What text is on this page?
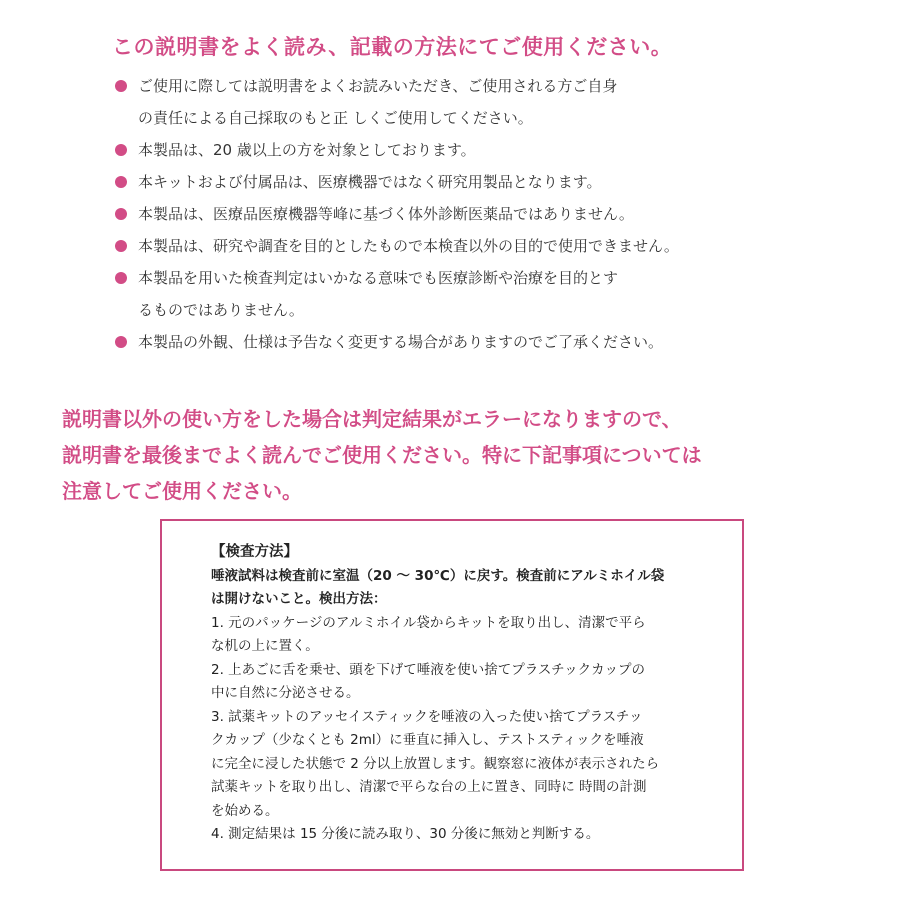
この説明書をよく読み、記載の方法にてご使用ください。
ご使用に際しては説明書をよくお読みいただき、ご使用される方ご自身
の責任による自己採取のもと正 しくご使用してください。
本製品は、20 歳以上の方を対象としております。
本キットおよび付属品は、医療機器ではなく研究用製品となります。
本製品は、医療品医療機器等峰に基づく体外診断医薬品ではありません。
本製品は、研究や調査を目的としたもので本検査以外の目的で使用できません。
本製品を用いた検査判定はいかなる意味でも医療診断や治療を目的とす
るものではありません。
本製品の外観、仕様は予告なく変更する場合がありますのでご了承ください。
説明書以外の使い方をした場合は判定結果がエラーになりますので、
説明書を最後までよく読んでご使用ください。特に下記事項については
注意してご使用ください。
【検査方法】
唾液試料は検査前に室温（20 ～ 30℃）に戻す。検査前にアルミホイル袋
は開けないこと。検出方法：
1. 元のパッケージのアルミホイル袋からキットを取り出し、清潔で平ら
な机の上に置く。
2. 上あごに舌を乗せ、頭を下げて唾液を使い捨てプラスチックカップの
中に自然に分泌させる。
3. 試薬キットのアッセイスティックを唾液の入った使い捨てプラスチッ
クカップ（少なくとも 2ml）に垂直に挿入し、テストスティックを唾液
に完全に浸した状態で 2 分以上放置します。観察窓に液体が表示されたら
試薬キットを取り出し、清潔で平らな台の上に置き、同時に 時間の計測
を始める。
4. 測定結果は 15 分後に読み取り、30 分後に無効と判断する。
